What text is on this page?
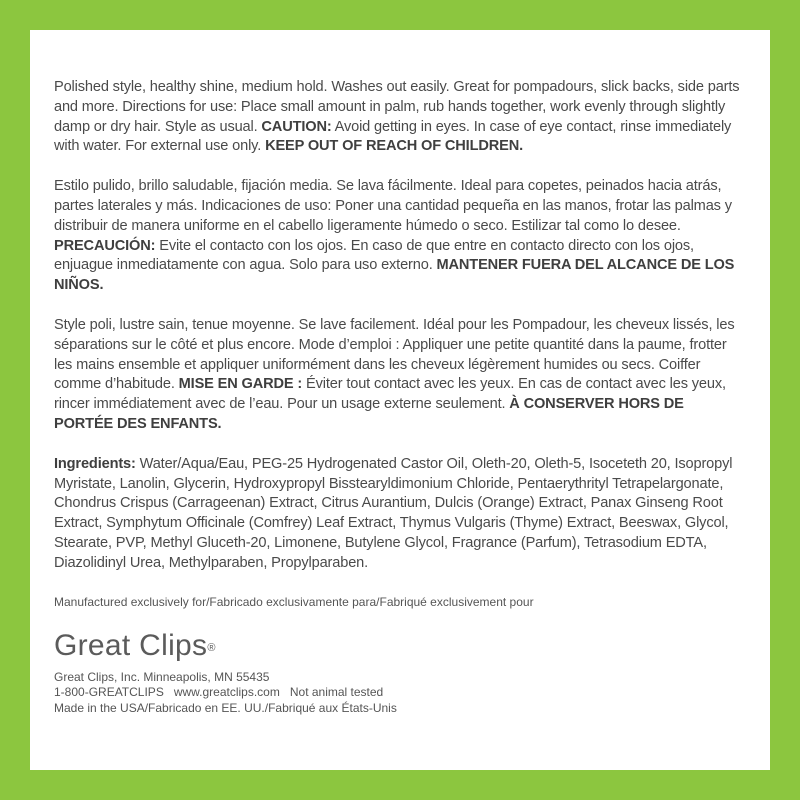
Polished style, healthy shine, medium hold. Washes out easily. Great for pompadours, slick backs, side parts and more. Directions for use: Place small amount in palm, rub hands together, work evenly through slightly damp or dry hair. Style as usual. CAUTION: Avoid getting in eyes. In case of eye contact, rinse immediately with water. For external use only. KEEP OUT OF REACH OF CHILDREN.

Estilo pulido, brillo saludable, fijación media. Se lava fácilmente. Ideal para copetes, peinados hacia atrás, partes laterales y más. Indicaciones de uso: Poner una cantidad pequeña en las manos, frotar las palmas y distribuir de manera uniforme en el cabello ligeramente húmedo o seco. Estilizar tal como lo desee. PRECAUCIÓN: Evite el contacto con los ojos. En caso de que entre en contacto directo con los ojos, enjuague inmediatamente con agua. Solo para uso externo. MANTENER FUERA DEL ALCANCE DE LOS NIÑOS.

Style poli, lustre sain, tenue moyenne. Se lave facilement. Idéal pour les Pompadour, les cheveux lissés, les séparations sur le côté et plus encore. Mode d’emploi : Appliquer une petite quantité dans la paume, frotter les mains ensemble et appliquer uniformément dans les cheveux légèrement humides ou secs. Coiffer comme d’habitude. MISE EN GARDE : Éviter tout contact avec les yeux. En cas de contact avec les yeux, rincer immédiatement avec de l’eau. Pour un usage externe seulement. À CONSERVER HORS DE PORTÉE DES ENFANTS.

Ingredients: Water/Aqua/Eau, PEG-25 Hydrogenated Castor Oil, Oleth-20, Oleth-5, Isoceteth 20, Isopropyl Myristate, Lanolin, Glycerin, Hydroxypropyl Bisstearyldimonium Chloride, Pentaerythrityl Tetrapelargonate, Chondrus Crispus (Carrageenan) Extract, Citrus Aurantium, Dulcis (Orange) Extract, Panax Ginseng Root Extract, Symphytum Officinale (Comfrey) Leaf Extract, Thymus Vulgaris (Thyme) Extract, Beeswax, Glycol, Stearate, PVP, Methyl Gluceth-20, Limonene, Butylene Glycol, Fragrance (Parfum), Tetrasodium EDTA, Diazolidinyl Urea, Methylparaben, Propylparaben.

Manufactured exclusively for/Fabricado exclusivamente para/Fabriqué exclusivement pour
Great Clips®
Great Clips, Inc. Minneapolis, MN 55435
1-800-GREATCLIPS   www.greatclips.com   Not animal tested
Made in the USA/Fabricado en EE. UU./Fabriqué aux États-Unis
